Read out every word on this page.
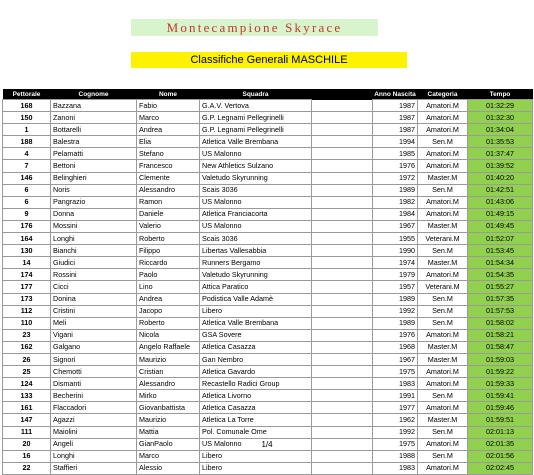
Montecampione Skyrace
Classifiche Generali MASCHILE
Pettorale	Cognome	Nome	Squadra		Anno Nascita	Categoria	Tempo
168	Bazzana	Fabio	G.A.V. Vertova		1987	Amatori.M	01:32:29
150	Zanoni	Marco	G.P. Legnami Pellegrinelli		1987	Amatori.M	01:32:30
1	Bottarelli	Andrea	G.P. Legnami Pellegrinelli		1987	Amatori.M	01:34:04
188	Balestra	Elia	Atletica Valle Brembana		1994	Sen.M	01:35:53
4	Pelamatti	Stefano	US Malonno		1985	Amatori.M	01:37:47
7	Bettoni	Francesco	New Athletics Sulzano		1976	Amatori.M	01:39:52
146	Belinghieri	Clemente	Valetudo Skyrunning		1972	Master.M	01:40:20
6	Noris	Alessandro	Scais 3036		1989	Sen.M	01:42:51
6	Pangrazio	Ramon	US Malonno		1982	Amatori.M	01:43:06
9	Donna	Daniele	Atletica Franciacorta		1984	Amatori.M	01:49:15
176	Mossini	Valerio	US Malonno		1967	Master.M	01:49:45
164	Longhi	Roberto	Scais 3036		1955	Veterani.M	01:52:07
130	Bianchi	Filippo	Libertas Vallesabbia		1990	Sen.M	01:53:45
14	Giudici	Riccardo	Runners Bergamo		1974	Master.M	01:54:34
174	Rossini	Paolo	Valetudo Skyrunning		1979	Amatori.M	01:54:35
177	Cicci	Lino	Attica Paratico		1957	Veterani.M	01:55:27
173	Donina	Andrea	Podistica Valle Adamè		1989	Sen.M	01:57:35
112	Cristini	Jacopo	Libero		1992	Sen.M	01:57:53
110	Meli	Roberto	Atletica Valle Brembana		1989	Sen.M	01:58:02
23	Vigani	Nicola	GSA Sovere		1976	Amatori.M	01:58:21
162	Galgano	Angelo Raffaele	Atletica Casazza		1968	Master.M	01:58:47
26	Signori	Maurizio	Gan Nembro		1967	Master.M	01:59:03
25	Chemotti	Cristian	Atletica Gavardo		1975	Amatori.M	01:59:22
124	Dismanti	Alessandro	Recastello Radici Group		1983	Amatori.M	01:59:33
133	Becherini	Mirko	Atletica Livorno		1991	Sen.M	01:59:41
161	Flaccadori	Giovanbattista	Atletica Casazza		1977	Amatori.M	01:59:46
147	Agazzi	Maurizio	Atletica La Torre		1962	Master.M	01:59:51
111	Maiolini	Mattia	Pol. Comunale Ome		1992	Sen.M	02:01:13
20	Angeli	GianPaolo	US Malonno		1975	Amatori.M	02:01:35
16	Longhi	Marco	Libero		1988	Sen.M	02:01:56
22	Staffieri	Alessio	Libero		1983	Amatori.M	02:02:45
1/4
